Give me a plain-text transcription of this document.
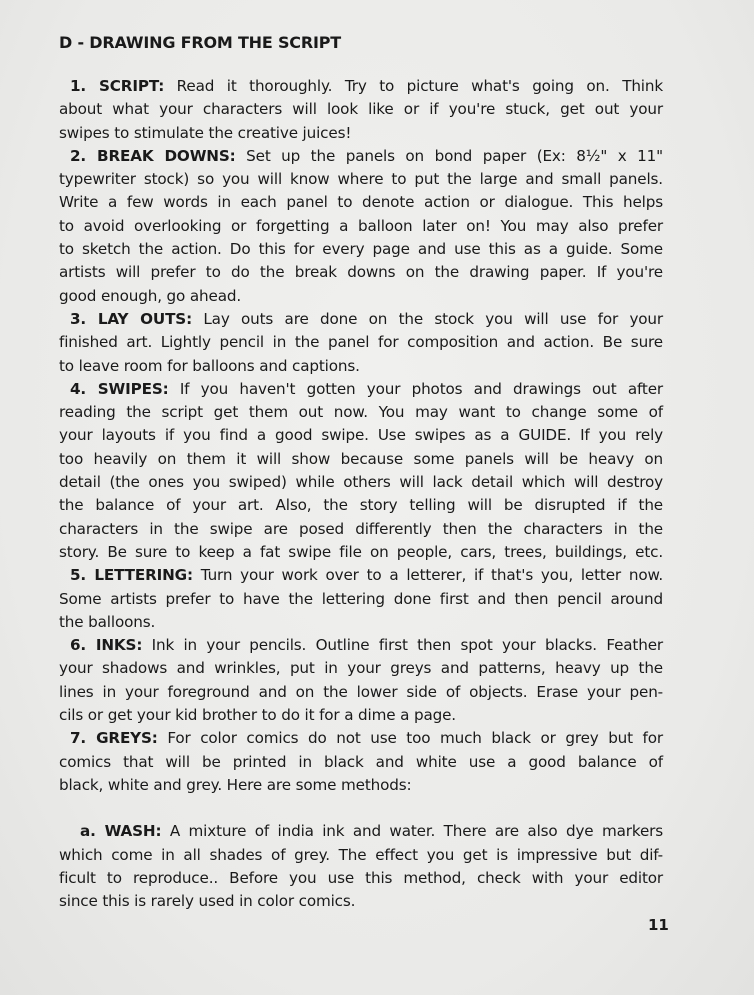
D - DRAWING FROM THE SCRIPT
1. SCRIPT: Read it thoroughly. Try to picture what's going on. Think
about what your characters will look like or if you're stuck, get out your
swipes to stimulate the creative juices!
2. BREAK DOWNS: Set up the panels on bond paper (Ex: 8½" x 11"
typewriter stock) so you will know where to put the large and small panels.
Write a few words in each panel to denote action or dialogue. This helps
to avoid overlooking or forgetting a balloon later on! You may also prefer
to sketch the action. Do this for every page and use this as a guide. Some
artists will prefer to do the break downs on the drawing paper. If you're
good enough, go ahead.
3. LAY OUTS: Lay outs are done on the stock you will use for your
finished art. Lightly pencil in the panel for composition and action. Be sure
to leave room for balloons and captions.
4. SWIPES: If you haven't gotten your photos and drawings out after
reading the script get them out now. You may want to change some of
your layouts if you find a good swipe. Use swipes as a GUIDE. If you rely
too heavily on them it will show because some panels will be heavy on
detail (the ones you swiped) while others will lack detail which will destroy
the balance of your art. Also, the story telling will be disrupted if the
characters in the swipe are posed differently then the characters in the
story. Be sure to keep a fat swipe file on people, cars, trees, buildings, etc.
5. LETTERING: Turn your work over to a letterer, if that's you, letter now.
Some artists prefer to have the lettering done first and then pencil around
the balloons.
6. INKS: Ink in your pencils. Outline first then spot your blacks. Feather
your shadows and wrinkles, put in your greys and patterns, heavy up the
lines in your foreground and on the lower side of objects. Erase your pen-
cils or get your kid brother to do it for a dime a page.
7. GREYS: For color comics do not use too much black or grey but for
comics that will be printed in black and white use a good balance of
black, white and grey. Here are some methods:
a. WASH: A mixture of india ink and water. There are also dye markers
which come in all shades of grey. The effect you get is impressive but dif-
ficult to reproduce.. Before you use this method, check with your editor
since this is rarely used in color comics.
11
